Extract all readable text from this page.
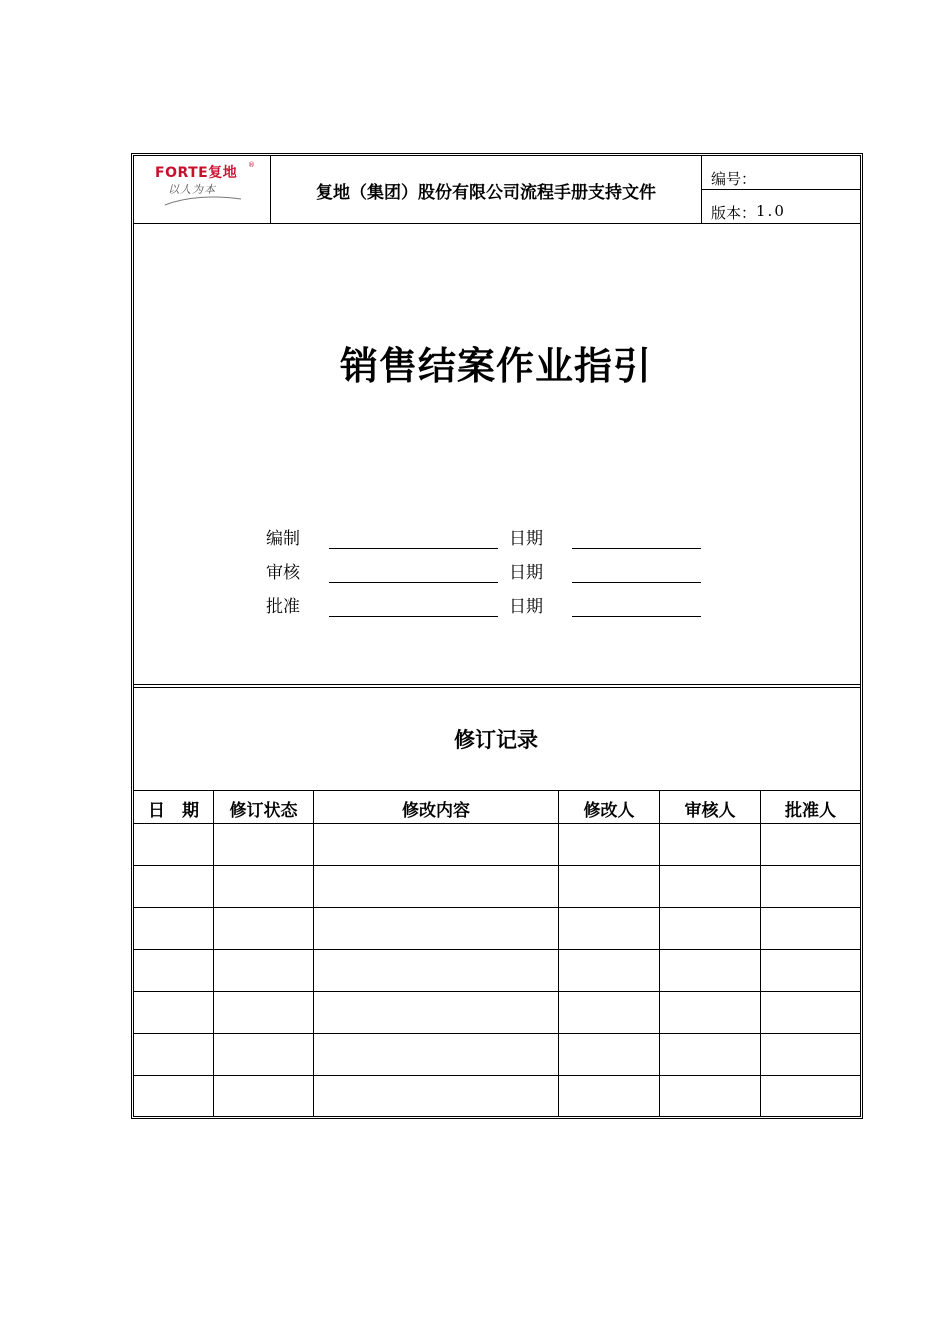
FORTE复地 ®
以人为本	复地（集团）股份有限公司流程手册支持文件
编号：
版本： 1.0
销售结案作业指引
编制	日期
审核	日期
批准	日期
修订记录
日　期	修订状态	修改内容	修改人	审核人	批准人
